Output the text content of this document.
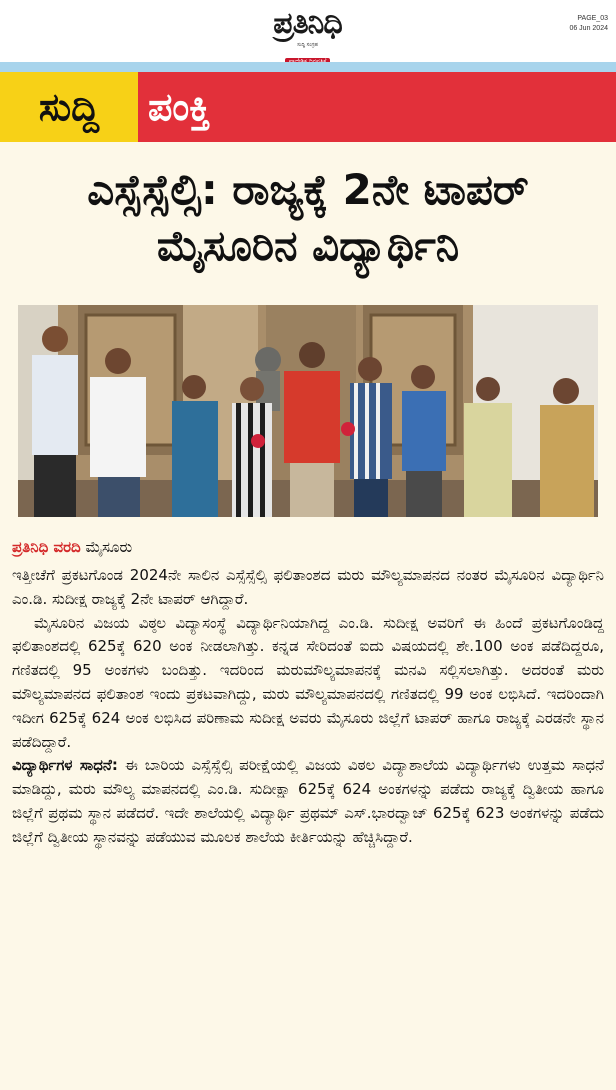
ಪ್ರತಿನಿಧಿ
ಸುದ್ದಿ ಸಂಗ್ರಹ
PAGE_03
06 Jun 2024
ಸುದ್ದಿ ಪಂಕ್ತಿ
ಎಸ್ಸೆಸ್ಸೆಲ್ಸಿ: ರಾಜ್ಯಕ್ಕೆ 2ನೇ ಟಾಪರ್
ಮೈಸೂರಿನ ವಿದ್ಯಾರ್ಥಿನಿ
ಪ್ರತಿನಿಧಿ ವರದಿ ಮೈಸೂರು

ಇತ್ತೀಚೆಗೆ ಪ್ರಕಟಗೊಂಡ 2024ನೇ ಸಾಲಿನ ಎಸ್ಸೆಸ್ಸೆಲ್ಸಿ ಫಲಿತಾಂಶದ ಮರು ಮೌಲ್ಯಮಾಪನದ ನಂತರ ಮೈಸೂರಿನ ವಿದ್ಯಾರ್ಥಿನಿ ಎಂ.ಡಿ. ಸುದೀಕ್ಷ ರಾಜ್ಯಕ್ಕೆ 2ನೇ ಟಾಪರ್ ಆಗಿದ್ದಾರೆ.

ಮೈಸೂರಿನ ವಿಜಯ ವಿಠ್ಠಲ ವಿದ್ಯಾಸಂಸ್ಥೆ ವಿದ್ಯಾರ್ಥಿನಿಯಾಗಿದ್ದ ಎಂ.ಡಿ. ಸುದೀಕ್ಷ ಅವರಿಗೆ ಈ ಹಿಂದೆ ಪ್ರಕಟಗೊಂಡಿದ್ದ ಫಲಿತಾಂಶದಲ್ಲಿ 625ಕ್ಕೆ 620 ಅಂಕ ನೀಡಲಾಗಿತ್ತು. ಕನ್ನಡ ಸೇರಿದಂತೆ ಐದು ವಿಷಯದಲ್ಲಿ ಶೇ.100 ಅಂಕ ಪಡೆದಿದ್ದರೂ, ಗಣಿತದಲ್ಲಿ 95 ಅಂಕಗಳು ಬಂದಿತ್ತು. ಇದರಿಂದ ಮರುಮೌಲ್ಯಮಾಪನಕ್ಕೆ ಮನವಿ ಸಲ್ಲಿಸಲಾಗಿತ್ತು. ಅದರಂತೆ ಮರು ಮೌಲ್ಯಮಾಪನದ ಫಲಿತಾಂಶ ಇಂದು ಪ್ರಕಟವಾಗಿದ್ದು, ಮರು ಮೌಲ್ಯಮಾಪನದಲ್ಲಿ ಗಣಿತದಲ್ಲಿ 99 ಅಂಕ ಲಭಿಸಿದೆ. ಇದರಿಂದಾಗಿ ಇದೀಗ 625ಕ್ಕೆ 624 ಅಂಕ ಲಭಿಸಿದ ಪರಿಣಾಮ ಸುದೀಕ್ಷ ಅವರು ಮೈಸೂರು ಜಿಲ್ಲೆಗೆ ಟಾಪರ್ ಹಾಗೂ ರಾಜ್ಯಕ್ಕೆ ಎರಡನೇ ಸ್ಥಾನ ಪಡೆದಿದ್ದಾರೆ.

ವಿದ್ಯಾರ್ಥಿಗಳ ಸಾಧನೆ: ಈ ಬಾರಿಯ ಎಸ್ಸೆಸ್ಸೆಲ್ಸಿ ಪರೀಕ್ಷೆಯಲ್ಲಿ ವಿಜಯ ವಿಠಲ ವಿದ್ಯಾಶಾಲೆಯ ವಿದ್ಯಾರ್ಥಿಗಳು ಉತ್ತಮ ಸಾಧನೆ ಮಾಡಿದ್ದು, ಮರು ಮೌಲ್ಯ ಮಾಪನದಲ್ಲಿ ಎಂ.ಡಿ. ಸುದೀಕ್ಷಾ 625ಕ್ಕೆ 624 ಅಂಕಗಳನ್ನು ಪಡೆದು ರಾಜ್ಯಕ್ಕೆ ದ್ವಿತೀಯ ಹಾಗೂ ಜಿಲ್ಲೆಗೆ ಪ್ರಥಮ ಸ್ಥಾನ ಪಡೆದರೆ. ಇದೇ ಶಾಲೆಯಲ್ಲಿ ವಿದ್ಯಾರ್ಥಿ ಪ್ರಥಮ್ ಎಸ್.ಭಾರದ್ವಾಜ್ 625ಕ್ಕೆ 623 ಅಂಕಗಳನ್ನು ಪಡೆದು ಜಿಲ್ಲೆಗೆ ದ್ವಿತೀಯ ಸ್ಥಾನವನ್ನು ಪಡೆಯುವ ಮೂಲಕ ಶಾಲೆಯ ಕೀರ್ತಿಯನ್ನು ಹೆಚ್ಚಿಸಿದ್ದಾರೆ.
